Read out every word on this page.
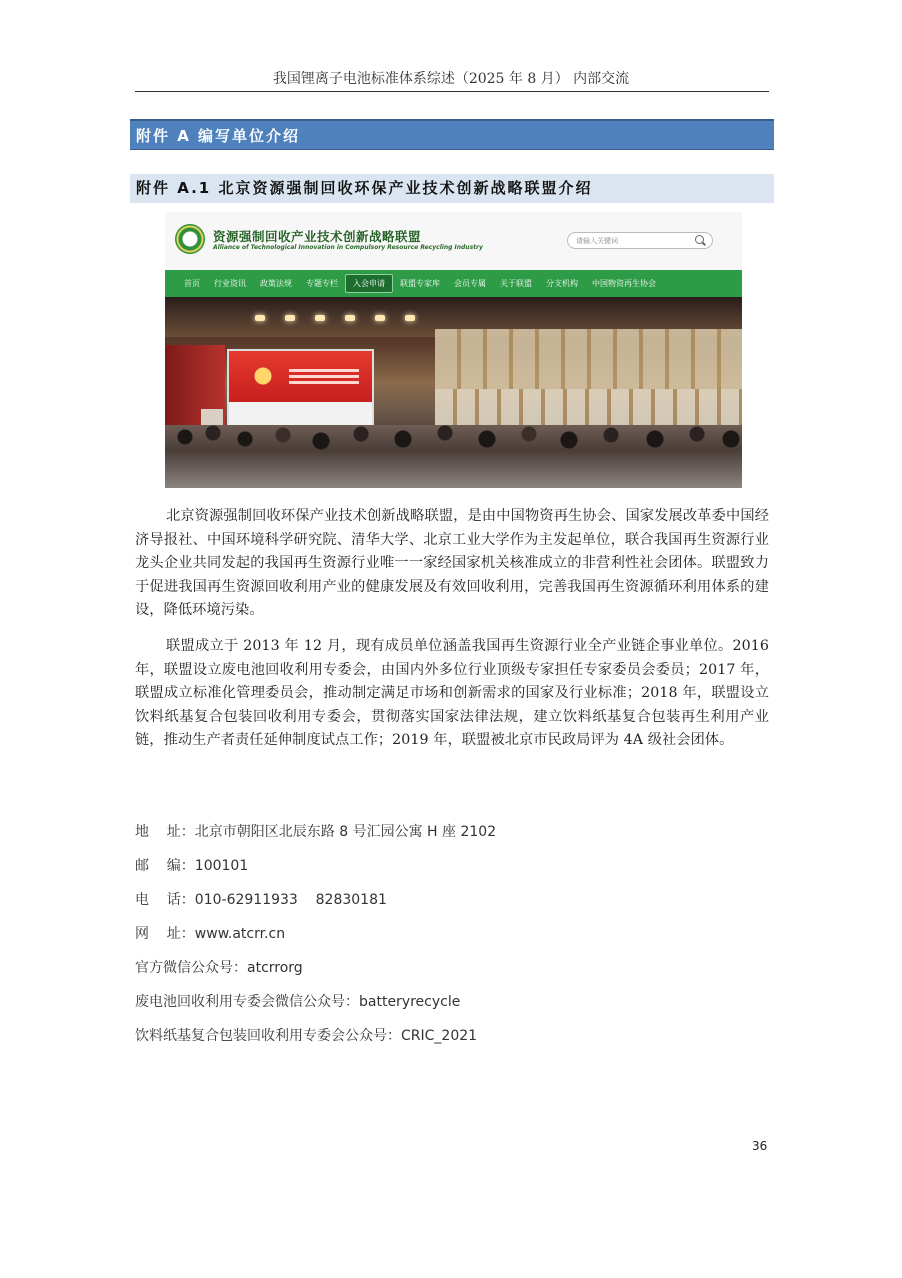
我国锂离子电池标准体系综述（2025 年 8 月） 内部交流
附件 A 编写单位介绍
附件 A.1 北京资源强制回收环保产业技术创新战略联盟介绍
资源强制回收产业技术创新战略联盟
Alliance of Technological Innovation in Compulsory Resource Recycling Industry
请输入关键词
首页	行业资讯	政策法规	专题专栏	入会申请	联盟专家库	会员专属	关于联盟	分支机构	中国物资再生协会

北京资源强制回收环保产业技术创新战略联盟，是由中国物资再生协会、国家发展改革委中国经济导报社、中国环境科学研究院、清华大学、北京工业大学作为主发起单位，联合我国再生资源行业龙头企业共同发起的我国再生资源行业唯一一家经国家机关核准成立的非营利性社会团体。联盟致力于促进我国再生资源回收利用产业的健康发展及有效回收利用，完善我国再生资源循环利用体系的建设，降低环境污染。

联盟成立于 2013 年 12 月，现有成员单位涵盖我国再生资源行业全产业链企事业单位。2016 年，联盟设立废电池回收利用专委会，由国内外多位行业顶级专家担任专家委员会委员；2017 年，联盟成立标准化管理委员会，推动制定满足市场和创新需求的国家及行业标准；2018 年，联盟设立饮料纸基复合包装回收利用专委会，贯彻落实国家法律法规，建立饮料纸基复合包装再生利用产业链，推动生产者责任延伸制度试点工作；2019 年，联盟被北京市民政局评为 4A 级社会团体。

地    址：北京市朝阳区北辰东路 8 号汇园公寓 H 座 2102
邮    编：100101
电    话：010-62911933    82830181
网    址：www.atcrr.cn
官方微信公众号：atcrrorg
废电池回收利用专委会微信公众号：batteryrecycle
饮料纸基复合包装回收利用专委会公众号：CRIC_2021
36
